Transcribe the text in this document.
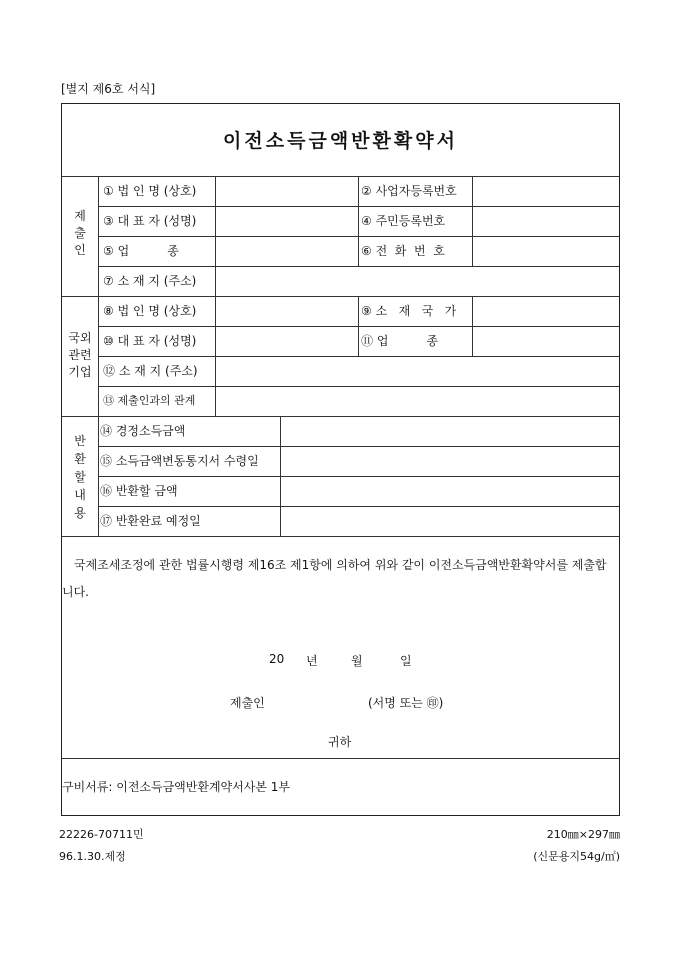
[별지 제6호 서식]
이전소득금액반환확약서
제
출
인
① 법 인 명 (상호)	② 사업자등록번호
③ 대 표 자 (성명)	④ 주민등록번호
⑤ 업          종	⑥ 전  화  번  호
⑦ 소 재 지 (주소)
국외
관련
기업
⑧ 법 인 명 (상호)	⑨ 소   재   국   가
⑩ 대 표 자 (성명)	⑪ 업          종
⑫ 소 재 지 (주소)
⑬ 제출인과의 관계
반
환
할
내
용
⑭ 경정소득금액
⑮ 소득금액변동통지서 수령일
⑯ 반환할 금액
⑰ 반환완료 예정일
국제조세조정에 관한 법률시행령 제16조 제1항에 의하여 위와 같이 이전소득금액반환확약서를 제출합니다.
20 년	월	일
제출인	(서명 또는 ㊞)
귀하
구비서류: 이전소득금액반환계약서사본 1부
22226-70711민
96.1.30.제정
210㎜×297㎜
(신문용지54g/㎡)
